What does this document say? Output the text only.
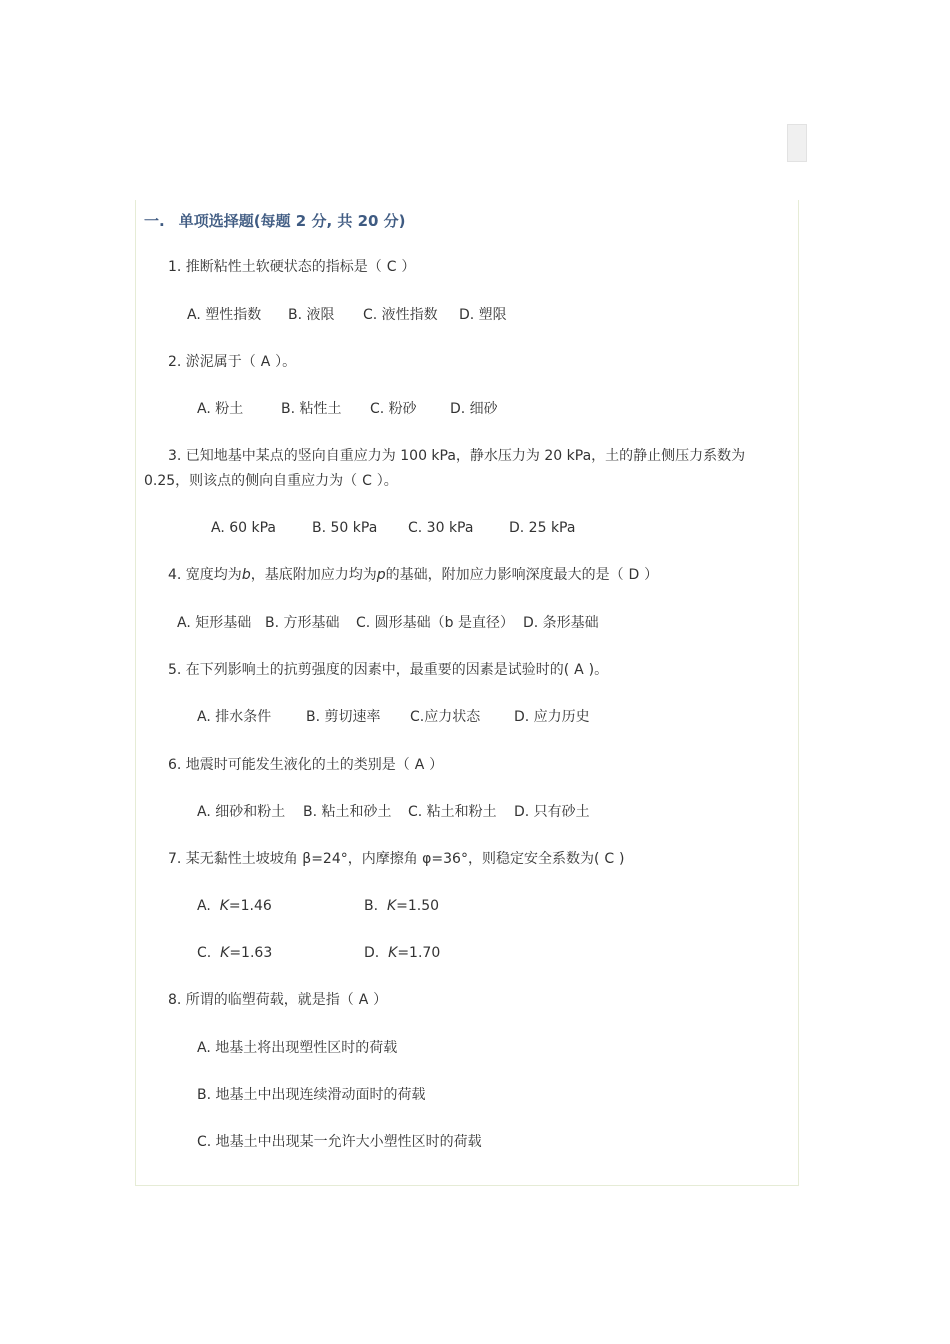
一. 单项选择题(每题 2 分, 共 20 分)
1. 推断粘性土软硬状态的指标是（ C ）
A. 塑性指数 B. 液限 C. 液性指数 D. 塑限
2. 淤泥属于（ A ）。
A. 粉土	B. 粘性土 C. 粉砂 D. 细砂
3. 已知地基中某点的竖向自重应力为 100 kPa，静水压力为 20 kPa，土的静止侧压力系数为
0.25，则该点的侧向自重应力为（ C ）。
A. 60 kPa	B. 50 kPa C. 30 kPa	D. 25 kPa
4. 宽度均为b，基底附加应力均为p的基础，附加应力影响深度最大的是（ D ）
A. 矩形基础 B. 方形基础 C. 圆形基础（b 是直径） D. 条形基础
5. 在下列影响土的抗剪强度的因素中，最重要的因素是试验时的( A )。
A. 排水条件 B. 剪切速率 C.应力状态 D. 应力历史
6. 地震时可能发生液化的土的类别是（ A ）
A. 细砂和粉土 B. 粘土和砂土 C. 粘土和粉土 D. 只有砂土
7. 某无黏性土坡坡角 β=24°，内摩擦角 φ=36°，则稳定安全系数为( C )
A. K=1.46	B. K=1.50
C. K=1.63	D. K=1.70
8. 所谓的临塑荷载，就是指（ A ）
A. 地基土将出现塑性区时的荷载
B. 地基土中出现连续滑动面时的荷载
C. 地基土中出现某一允许大小塑性区时的荷载
